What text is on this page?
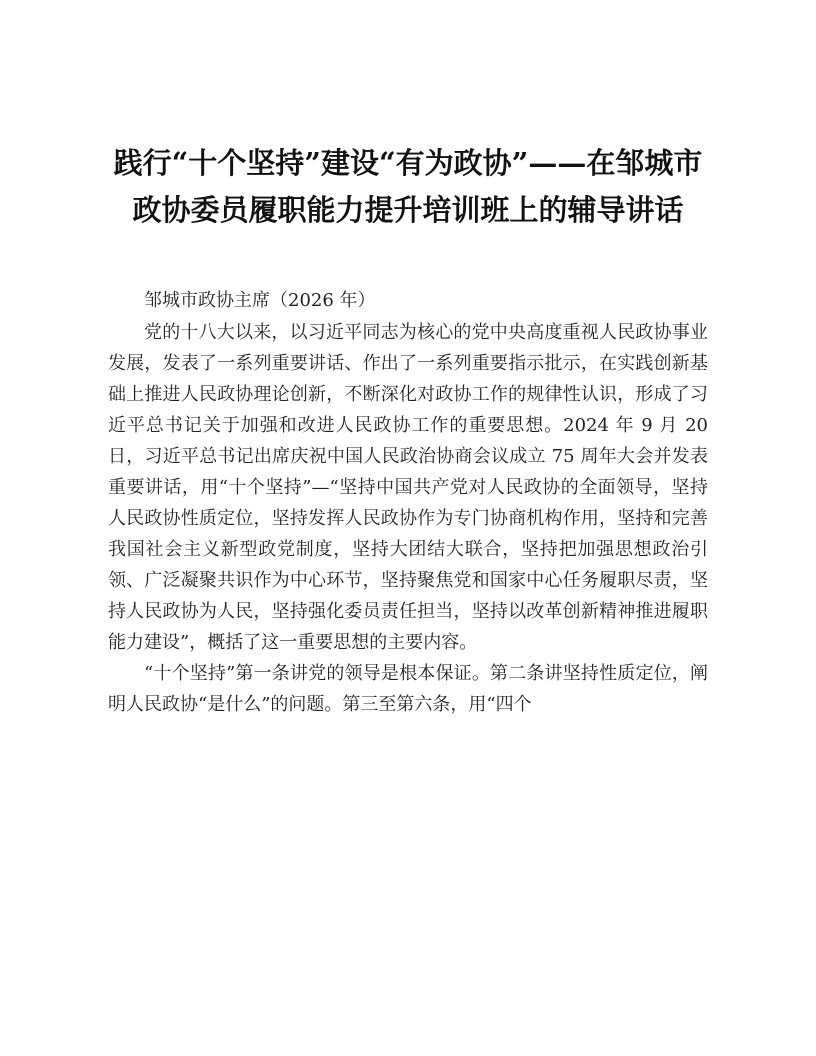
践行“十个坚持”建设“有为政协”——在邹城市政协委员履职能力提升培训班上的辅导讲话

邹城市政协主席（2026 年）

党的十八大以来，以习近平同志为核心的党中央高度重视人民政协事业发展，发表了一系列重要讲话、作出了一系列重要指示批示，在实践创新基础上推进人民政协理论创新，不断深化对政协工作的规律性认识，形成了习近平总书记关于加强和改进人民政协工作的重要思想。2024 年 9 月 20 日，习近平总书记出席庆祝中国人民政治协商会议成立 75 周年大会并发表重要讲话，用“十个坚持”—“坚持中国共产党对人民政协的全面领导，坚持人民政协性质定位，坚持发挥人民政协作为专门协商机构作用，坚持和完善我国社会主义新型政党制度，坚持大团结大联合，坚持把加强思想政治引领、广泛凝聚共识作为中心环节，坚持聚焦党和国家中心任务履职尽责，坚持人民政协为人民，坚持强化委员责任担当，坚持以改革创新精神推进履职能力建设”，概括了这一重要思想的主要内容。

“十个坚持”第一条讲党的领导是根本保证。第二条讲坚持性质定位，阐明人民政协“是什么”的问题。第三至第六条，用“四个
